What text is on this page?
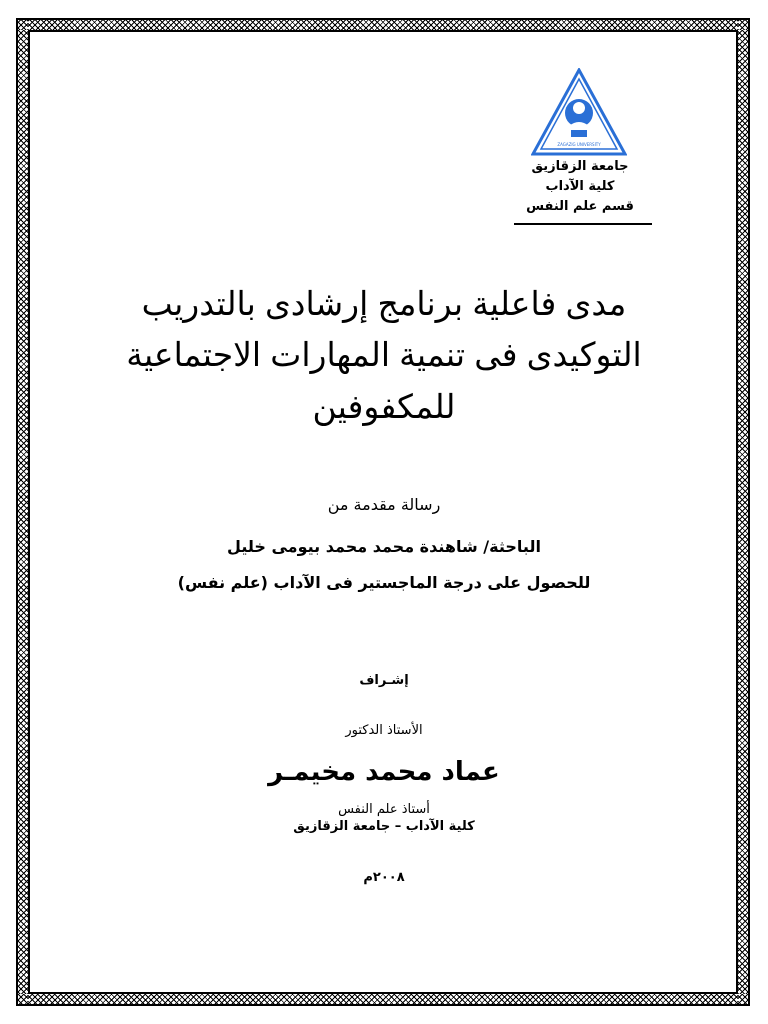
ZAGAZIG UNIVERSITY
جامعة الزقازيق
كلية الآداب
قسم علم النفس
مدى فاعلية برنامج إرشادى بالتدريب
التوكيدى فى تنمية المهارات الاجتماعية
للمكفوفين
رسالة مقدمة من
الباحثة/ شاهندة محمد محمد بيومى خليل
للحصول على درجة الماجستير فى الآداب (علم نفس)
إشـراف
الأستاذ الدكتور
عماد محمد مخيمـر
أستاذ علم النفس
كلية الآداب – جامعة الزقازيق
٢٠٠٨م
